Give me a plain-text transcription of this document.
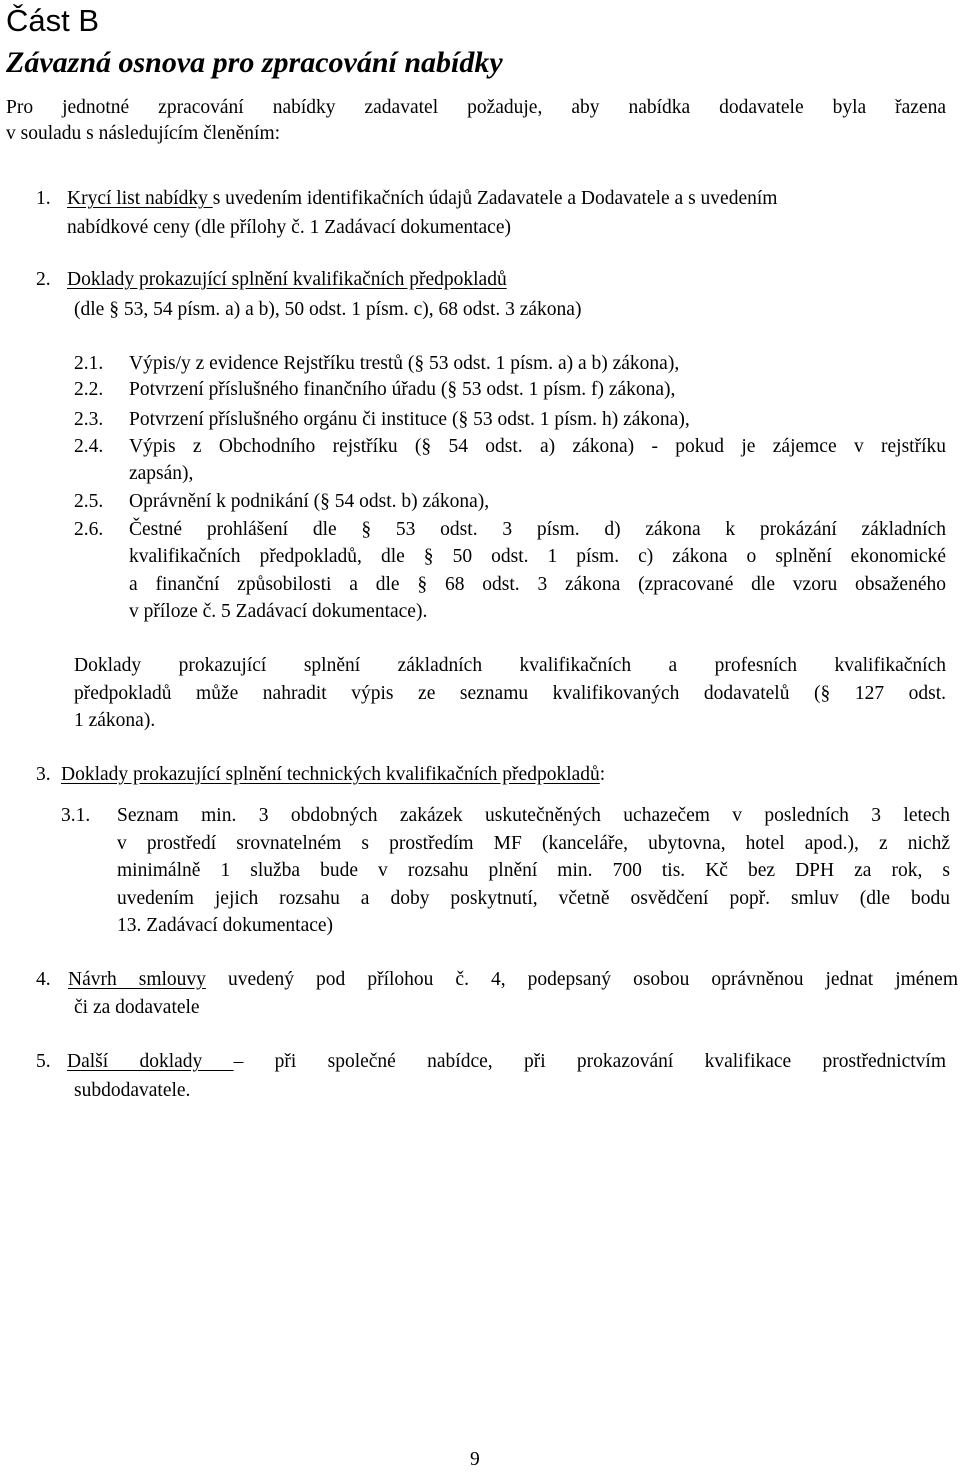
Část B
Závazná osnova pro zpracování nabídky
Pro jednotné zpracování nabídky zadavatel požaduje, aby nabídka dodavatele byla řazena
v souladu s následujícím členěním:
1. Krycí list nabídky s uvedením identifikačních údajů Zadavatele a Dodavatele a s uvedením
nabídkové ceny (dle přílohy č. 1 Zadávací dokumentace)
2. Doklady prokazující splnění kvalifikačních předpokladů
(dle § 53, 54 písm. a) a b), 50 odst. 1 písm. c), 68 odst. 3 zákona)
2.1. Výpis/y z evidence Rejstříku trestů (§ 53 odst. 1 písm. a) a b) zákona),
2.2. Potvrzení příslušného finančního úřadu (§ 53 odst. 1 písm. f) zákona),
2.3. Potvrzení příslušného orgánu či instituce (§ 53 odst. 1 písm. h) zákona),
2.4. Výpis z Obchodního rejstříku (§ 54 odst. a) zákona) - pokud je zájemce v rejstříku
zapsán),
2.5. Oprávnění k podnikání (§ 54 odst. b) zákona),
2.6. Čestné prohlášení dle § 53 odst. 3 písm. d) zákona k prokázání základních
kvalifikačních předpokladů, dle § 50 odst. 1 písm. c) zákona o splnění ekonomické
a finanční způsobilosti a dle § 68 odst. 3 zákona (zpracované dle vzoru obsaženého
v příloze č. 5 Zadávací dokumentace).
Doklady prokazující splnění základních kvalifikačních a profesních kvalifikačních
předpokladů může nahradit výpis ze seznamu kvalifikovaných dodavatelů (§ 127 odst.
1 zákona).
3. Doklady prokazující splnění technických kvalifikačních předpokladů:
3.1. Seznam min. 3 obdobných zakázek uskutečněných uchazečem v posledních 3 letech
v prostředí srovnatelném s prostředím MF (kanceláře, ubytovna, hotel apod.), z nichž
minimálně 1 služba bude v rozsahu plnění min. 700 tis. Kč bez DPH za rok, s
uvedením jejich rozsahu a doby poskytnutí, včetně osvědčení popř. smluv (dle bodu
13. Zadávací dokumentace)
4. Návrh smlouvy uvedený pod přílohou č. 4, podepsaný osobou oprávněnou jednat jménem
či za dodavatele
5. Další doklady – při společné nabídce, při prokazování kvalifikace prostřednictvím
subdodavatele.
9
